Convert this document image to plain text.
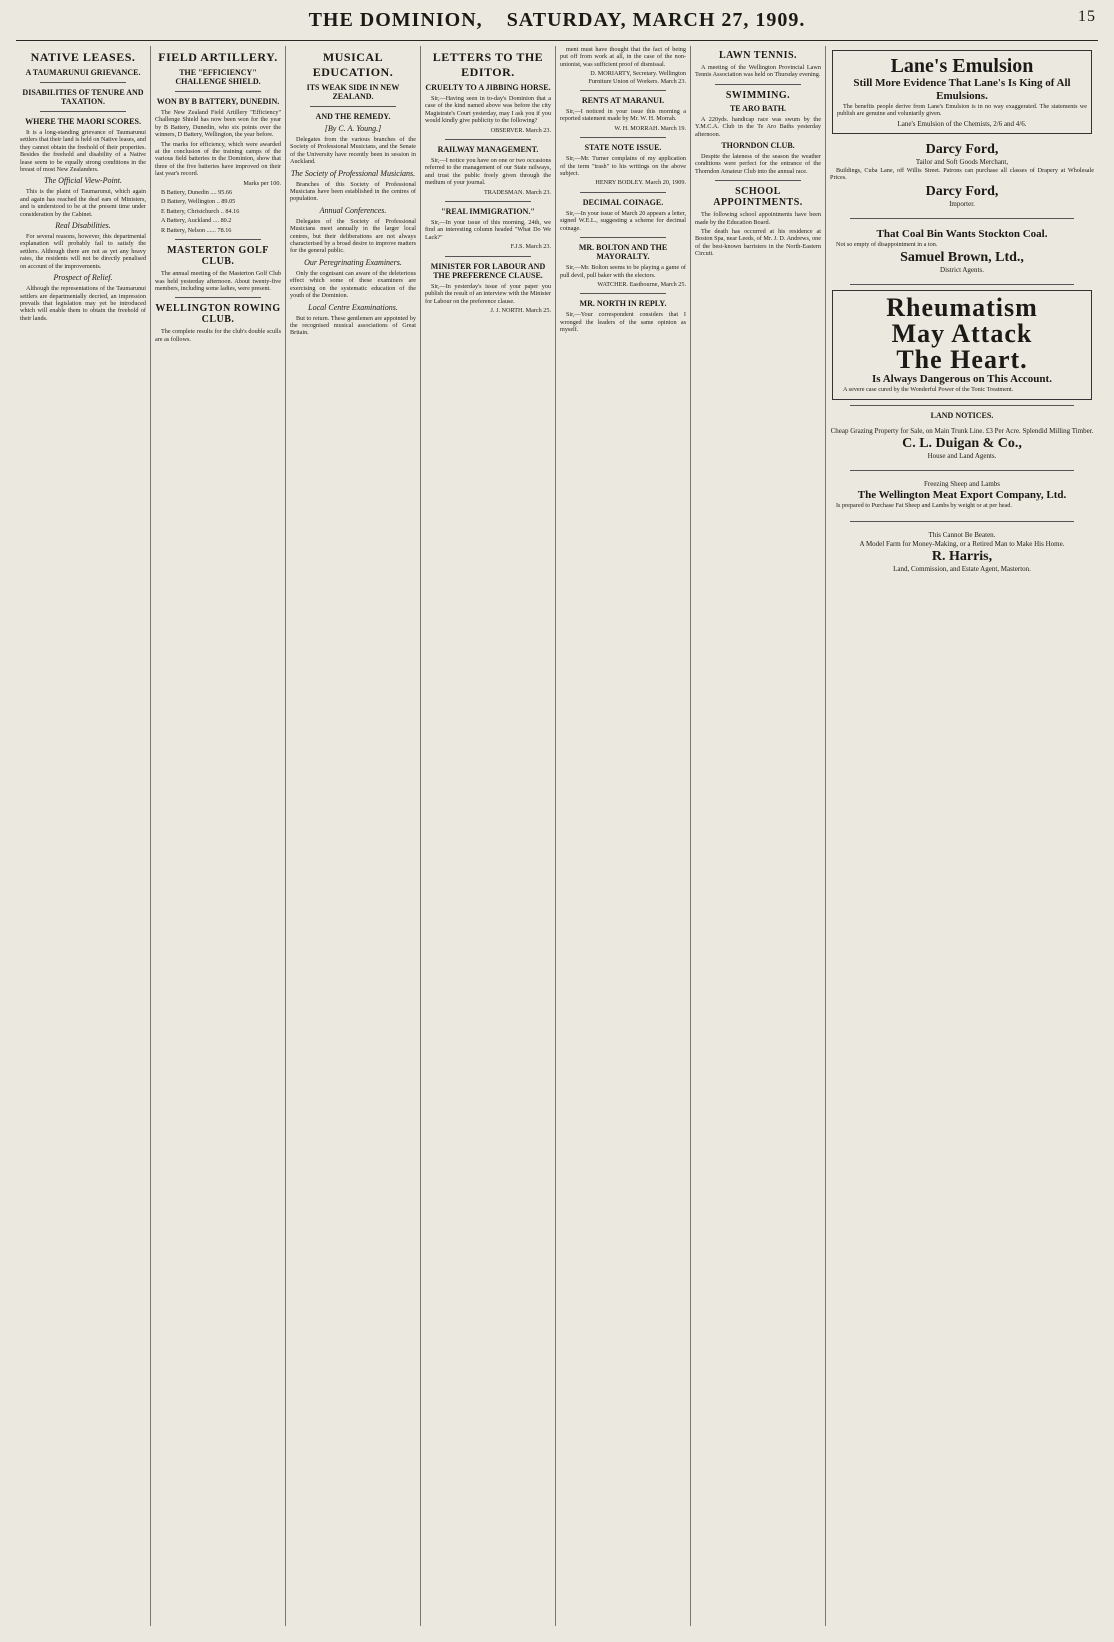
THE DOMINION, SATURDAY, MARCH 27, 1909.	15
NATIVE LEASES.
A TAUMARUNUI GRIEVANCE.
DISABILITIES OF TENURE AND TAXATION.
WHERE THE MAORI SCORES.

It is a long-standing grievance of Taumarunui settlers that their land is held on Native leases, and they cannot obtain the freehold of their properties. Besides the freehold and disability of a Native lease seem to be equally strong conditions in the breast of most New Zealanders.

The Official View-Point.

This is the plaint of Taumarunui, which again and again has reached the deaf ears of Ministers, and is understood to be at the present time under consideration by the Cabinet.

Real Disabilities.

For several reasons, however, this departmental explanation will probably fail to satisfy the settlers. Although there are not as yet any heavy rates, the residents will not be directly penalised on account of the improvements.

Prospect of Relief.

Although the representations of the Taumarunui settlers are departmentally decried, an impression prevails that legislation may yet be introduced which will enable them to obtain the freehold of their lands.

FIELD ARTILLERY.
THE "EFFICIENCY" CHALLENGE SHIELD.
WON BY B BATTERY, DUNEDIN.

The New Zealand Field Artillery "Efficiency" Challenge Shield has now been won for the year by B Battery, Dunedin, who six points over the winners, D Battery, Wellington, the year before.

The marks for efficiency, which were awarded at the conclusion of the training camps of the various field batteries in the Dominion, show that three of the five batteries have improved on their last year's record.

Marks per 100.

B Battery, Dunedin .... 95.66

D Battery, Wellington .. 89.05

E Battery, Christchurch .. 84.16

A Battery, Auckland .... 80.2

R Battery, Nelson ...... 78.16

MASTERTON GOLF CLUB.

The annual meeting of the Masterton Golf Club was held yesterday afternoon. About twenty-five members, including some ladies, were present.

WELLINGTON ROWING CLUB.

The complete results for the club's double sculls are as follows.

MUSICAL EDUCATION.
ITS WEAK SIDE IN NEW ZEALAND.
AND THE REMEDY.
[By C. A. Young.]

Delegates from the various branches of the Society of Professional Musicians, and the Senate of the University have recently been in session in Auckland.

The Society of Professional Musicians.

Branches of this Society of Professional Musicians have been established in the centres of population.

Annual Conferences.

Delegates of the Society of Professional Musicians meet annually in the larger local centres, but their deliberations are not always characterised by a broad desire to improve matters for the general public.

Our Peregrinating Examiners.

Only the cognisant can aware of the deleterious effect which some of these examiners are exercising on the systematic education of the youth of the Dominion.

Local Centre Examinations.

But to return. These gentlemen are appointed by the recognised musical associations of Great Britain.

LETTERS TO THE EDITOR.
CRUELTY TO A JIBBING HORSE.

Sir,—Having seen in to-day's Dominion that a case of the kind named above was before the city Magistrate's Court yesterday, may I ask you if you would kindly give publicity to the following?

OBSERVER. March 23.

RAILWAY MANAGEMENT.

Sir,—I notice you have on one or two occasions referred to the management of our State railways, and trust the public freely given through the medium of your journal.

TRADESMAN. March 23.

"REAL IMMIGRATION."

Sir,—In your issue of this morning, 24th, we find an interesting column headed "What Do We Lack?"

F.J.S. March 23.

MINISTER FOR LABOUR AND THE PREFERENCE CLAUSE.

Sir,—In yesterday's issue of your paper you publish the result of an interview with the Minister for Labour on the preference clause.

J. J. NORTH. March 25.

ment must have thought that the fact of being put off from work at all, in the case of the non-unionist, was sufficient proof of dismissal.

D. MORIARTY, Secretary. Wellington Furniture Union of Workers. March 23.

RENTS AT MARANUI.

Sir,—I noticed in your issue this morning a reported statement made by Mr. W. H. Morrah.

W. H. MORRAH. March 19.

STATE NOTE ISSUE.

Sir,—Mr. Turner complains of my application of the term "trash" to his writings on the above subject.

HENRY BODLEY. March 20, 1909.

DECIMAL COINAGE.

Sir,—In your issue of March 20 appears a letter, signed W.E.L., suggesting a scheme for decimal coinage.

MR. BOLTON AND THE MAYORALTY.

Sir,—Mr. Bolton seems to be playing a game of pull devil, pull baker with the electors.

WATCHER. Eastbourne, March 25.

MR. NORTH IN REPLY.

Sir,—Your correspondent considers that I wronged the leaders of the same opinion as myself.

LAWN TENNIS.

A meeting of the Wellington Provincial Lawn Tennis Association was held on Thursday evening.

SWIMMING.
TE ARO BATH.

A 220yds. handicap race was swum by the Y.M.C.A. Club in the Te Aro Baths yesterday afternoon.

THORNDON CLUB.

Despite the lateness of the season the weather conditions were perfect for the entrance of the Thorndon Amateur Club into the annual race.

SCHOOL APPOINTMENTS.

The following school appointments have been made by the Education Board.

The death has occurred at his residence at Boston Spa, near Leeds, of Mr. J. D. Andrews, one of the best-known barristers in the North-Eastern Circuit.

Lane's Emulsion
Still More Evidence That Lane's Is King of All Emulsions.

The benefits people derive from Lane's Emulsion is in no way exaggerated. The statements we publish are genuine and voluntarily given.

Lane's Emulsion of the Chemists, 2/6 and 4/6.
Darcy Ford,
Tailor and Soft Goods Merchant,

Buildings, Cuba Lane, off Willis Street. Patrons can purchase all classes of Drapery at Wholesale Prices.

Darcy Ford,
Importer.
That Coal Bin Wants Stockton Coal.

Not so empty of disappointment in a ton.

Samuel Brown, Ltd.,
District Agents.
Rheumatism
May Attack
The Heart.
Is Always Dangerous on This Account.

A severe case cured by the Wonderful Power of the Tonic Treatment.

LAND NOTICES.
Cheap Grazing Property for Sale, on Main Trunk Line. £3 Per Acre. Splendid Milling Timber.
C. L. Duigan & Co.,
House and Land Agents.
Freezing Sheep and Lambs
The Wellington Meat Export Company, Ltd.

Is prepared to Purchase Fat Sheep and Lambs by weight or at per head.

This Cannot Be Beaten.
A Model Farm for Money-Making, or a Retired Man to Make His Home.
R. Harris,
Land, Commission, and Estate Agent, Masterton.
